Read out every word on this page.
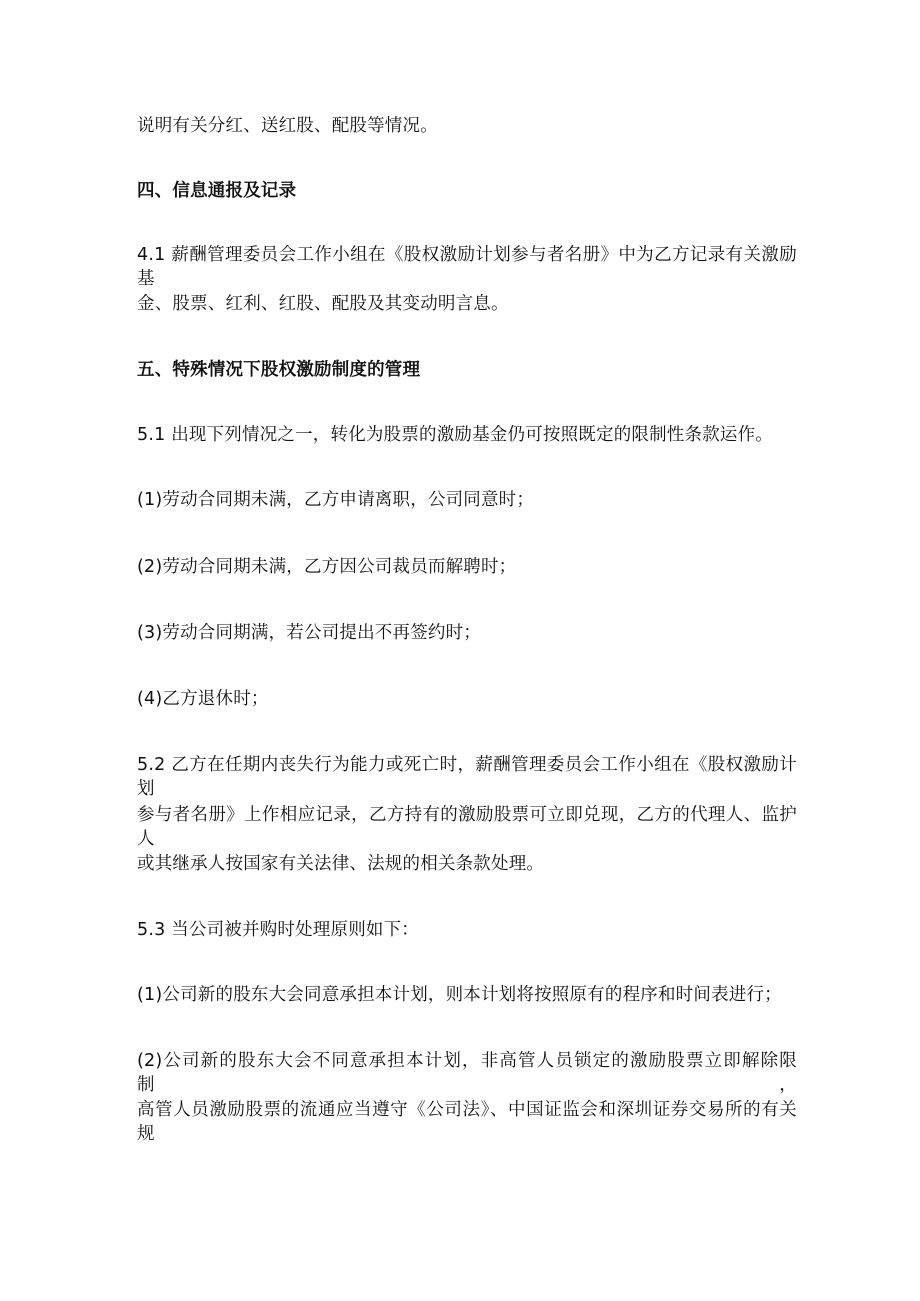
说明有关分红、送红股、配股等情况。
四、信息通报及记录
4.1 薪酬管理委员会工作小组在《股权激励计划参与者名册》中为乙方记录有关激励基
金、股票、红利、红股、配股及其变动明言息。
五、特殊情况下股权激励制度的管理
5.1 出现下列情况之一，转化为股票的激励基金仍可按照既定的限制性条款运作。
(1)劳动合同期未满，乙方申请离职，公司同意时；
(2)劳动合同期未满，乙方因公司裁员而解聘时；
(3)劳动合同期满，若公司提出不再签约时；
(4)乙方退休时；
5.2 乙方在任期内丧失行为能力或死亡时，薪酬管理委员会工作小组在《股权激励计划
参与者名册》上作相应记录，乙方持有的激励股票可立即兑现，乙方的代理人、监护人
或其继承人按国家有关法律、法规的相关条款处理。
5.3 当公司被并购时处理原则如下：
(1)公司新的股东大会同意承担本计划，则本计划将按照原有的程序和时间表进行；
(2)公司新的股东大会不同意承担本计划，非高管人员锁定的激励股票立即解除限制，
高管人员激励股票的流通应当遵守《公司法》、中国证监会和深圳证券交易所的有关规
